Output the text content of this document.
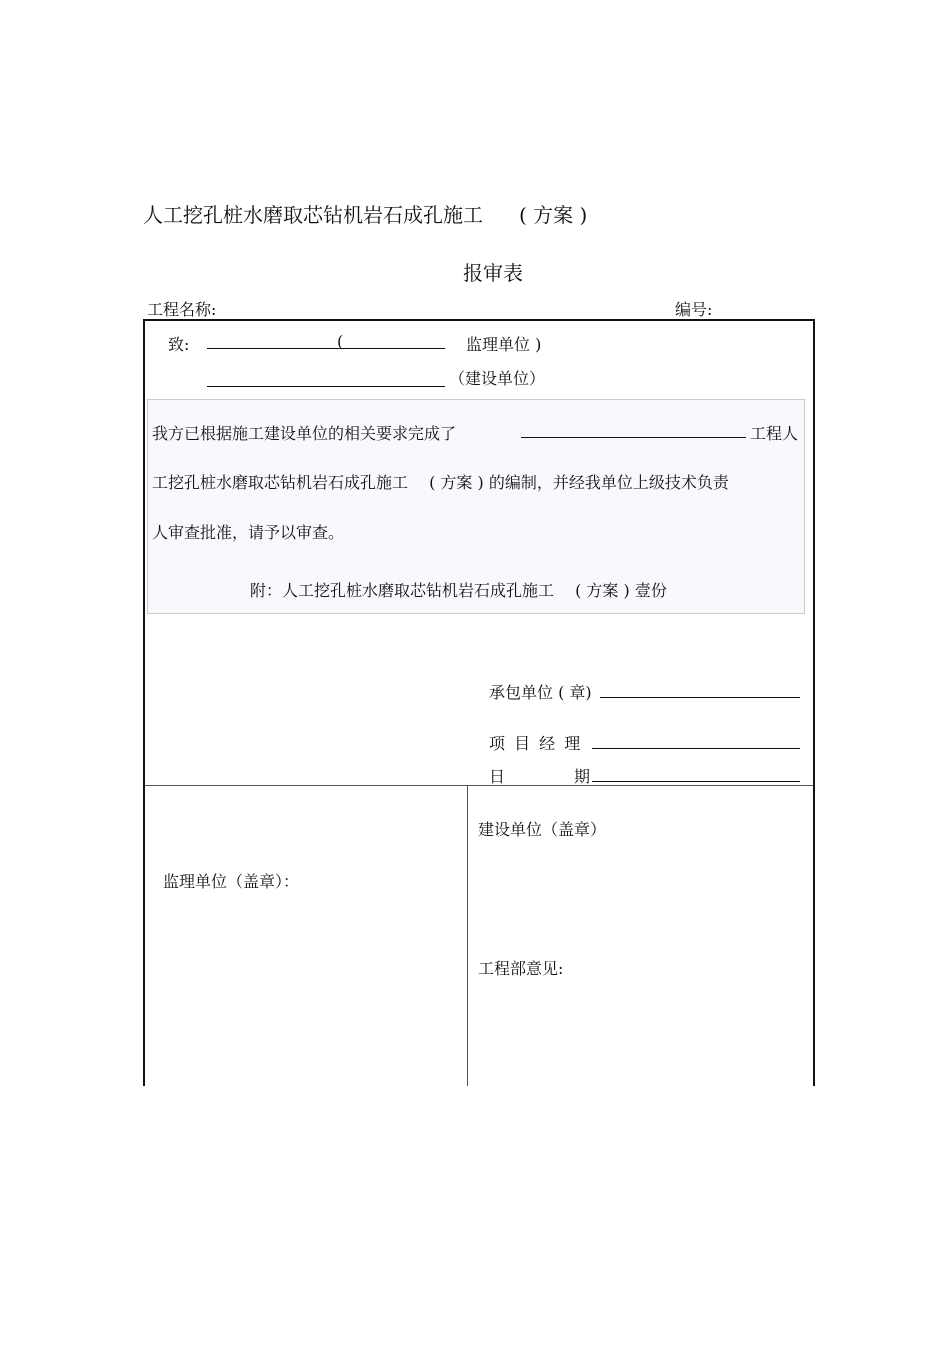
人工挖孔桩水磨取芯钻机岩石成孔施工 ( 方案 )
报审表
工程名称:	编号:
致:	(	监理单位 )
（建设单位）
我方已根据施工建设单位的相关要求完成了	工程人
工挖孔桩水磨取芯钻机岩石成孔施工　 ( 方案 ) 的编制，并经我单位上级技术负责
人审查批准，请予以审查。
附：人工挖孔桩水磨取芯钻机岩石成孔施工　 ( 方案 ) 壹份
承包单位 ( 章)
项 目 经 理
日	期
监理单位（盖章）：
建设单位（盖章）
工程部意见:
